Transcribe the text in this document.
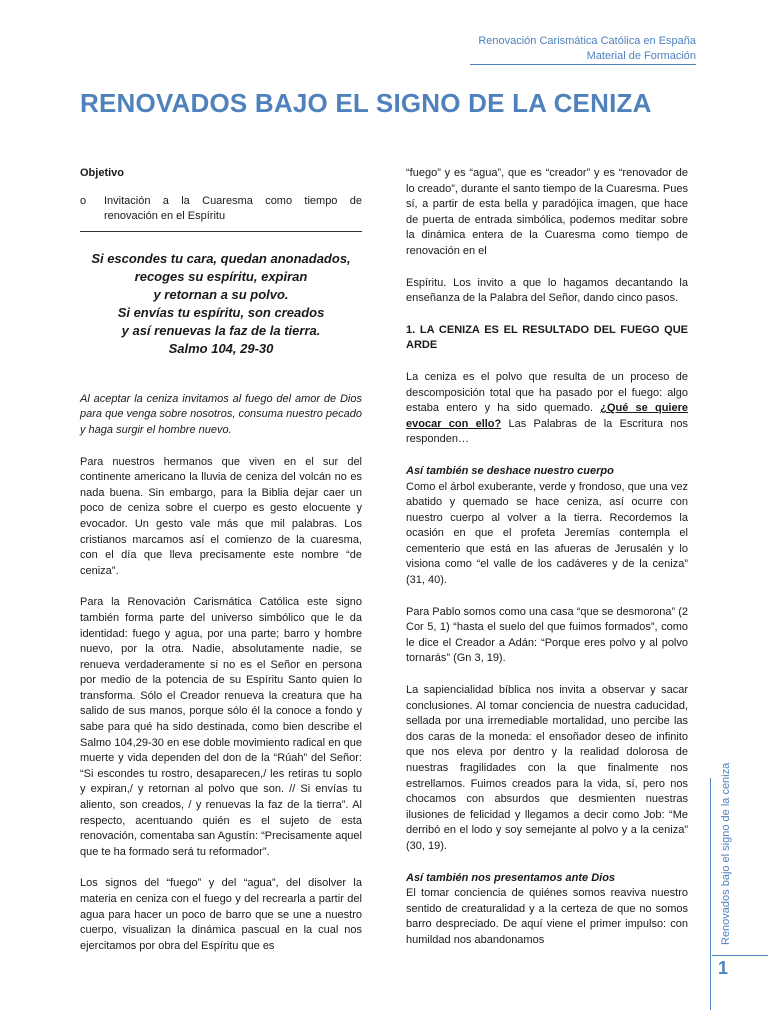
Renovación Carismática Católica en España
Material de Formación
RENOVADOS BAJO EL SIGNO DE LA CENIZA
Objetivo
o	Invitación a la Cuaresma como tiempo de renovación en el Espíritu
Si escondes tu cara, quedan anonadados,
recoges su espíritu, expiran
y retornan a su polvo.
Si envías tu espíritu, son creados
y así renuevas la faz de la tierra.
Salmo 104, 29-30

Al aceptar la ceniza invitamos al fuego del amor de Dios para que venga sobre nosotros, consuma nuestro pecado y haga surgir el hombre nuevo.

Para nuestros hermanos que viven en el sur del continente americano la lluvia de ceniza del volcán no es nada buena. Sin embargo, para la Biblia dejar caer un poco de ceniza sobre el cuerpo es gesto elocuente y evocador. Un gesto vale más que mil palabras. Los cristianos marcamos así el comienzo de la cuaresma, con el día que lleva precisamente este nombre “de ceniza”.

Para la Renovación Carismática Católica este signo también forma parte del universo simbólico que le da identidad: fuego y agua, por una parte; barro y hombre nuevo, por la otra. Nadie, absolutamente nadie, se renueva verdaderamente si no es el Señor en persona por medio de la potencia de su Espíritu Santo quien lo transforma. Sólo el Creador renueva la creatura que ha salido de sus manos, porque sólo él la conoce a fondo y sabe para qué ha sido destinada, como bien describe el Salmo 104,29-30 en ese doble movimiento radical en que muerte y vida dependen del don de la “Rúah” del Señor: “Si escondes tu rostro, desaparecen,/ les retiras tu soplo y expiran,/ y retornan al polvo que son. // Si envías tu aliento, son creados, / y renuevas la faz de la tierra”. Al respecto, acentuando quién es el sujeto de esta renovación, comentaba san Agustín: “Precisamente aquel que te ha formado será tu reformador”.

Los signos del “fuego” y del “agua”, del disolver la materia en ceniza con el fuego y del recrearla a partir del agua para hacer un poco de barro que se une a nuestro cuerpo, visualizan la dinámica pascual en la cual nos ejercitamos por obra del Espíritu que es

“fuego” y es “agua”, que es “creador” y es “renovador de lo creado”, durante el santo tiempo de la Cuaresma. Pues sí, a partir de esta bella y paradójica imagen, que hace de puerta de entrada simbólica, podemos meditar sobre la dinámica entera de la Cuaresma como tiempo de renovación en el

Espíritu. Los invito a que lo hagamos decantando la enseñanza de la Palabra del Señor, dando cinco pasos.

1. LA CENIZA ES EL RESULTADO DEL FUEGO QUE ARDE

La ceniza es el polvo que resulta de un proceso de descomposición total que ha pasado por el fuego: algo estaba entero y ha sido quemado. ¿Qué se quiere evocar con ello? Las Palabras de la Escritura nos responden…

Así también se deshace nuestro cuerpo

Como el árbol exuberante, verde y frondoso, que una vez abatido y quemado se hace ceniza, así ocurre con nuestro cuerpo al volver a la tierra. Recordemos la ocasión en que el profeta Jeremías contempla el cementerio que está en las afueras de Jerusalén y lo visiona como “el valle de los cadáveres y de la ceniza” (31, 40).

Para Pablo somos como una casa “que se desmorona” (2 Cor 5, 1) “hasta el suelo del que fuimos formados”, como le dice el Creador a Adán: “Porque eres polvo y al polvo tornarás” (Gn 3, 19).

La sapiencialidad bíblica nos invita a observar y sacar conclusiones. Al tomar conciencia de nuestra caducidad, sellada por una irremediable mortalidad, uno percibe las dos caras de la moneda: el ensoñador deseo de infinito que nos eleva por dentro y la realidad dolorosa de nuestras fragilidades con la que finalmente nos estrellamos. Fuimos creados para la vida, sí, pero nos chocamos con absurdos que desmienten nuestras ilusiones de felicidad y llegamos a decir como Job: “Me derribó en el lodo y soy semejante al polvo y a la ceniza” (30, 19).

Así también nos presentamos ante Dios

El tomar conciencia de quiénes somos reaviva nuestro sentido de creaturalidad y a la certeza de que no somos barro despreciado. De aquí viene el primer impulso: con humildad nos abandonamos	Renovados bajo el signo de la ceniza
1
